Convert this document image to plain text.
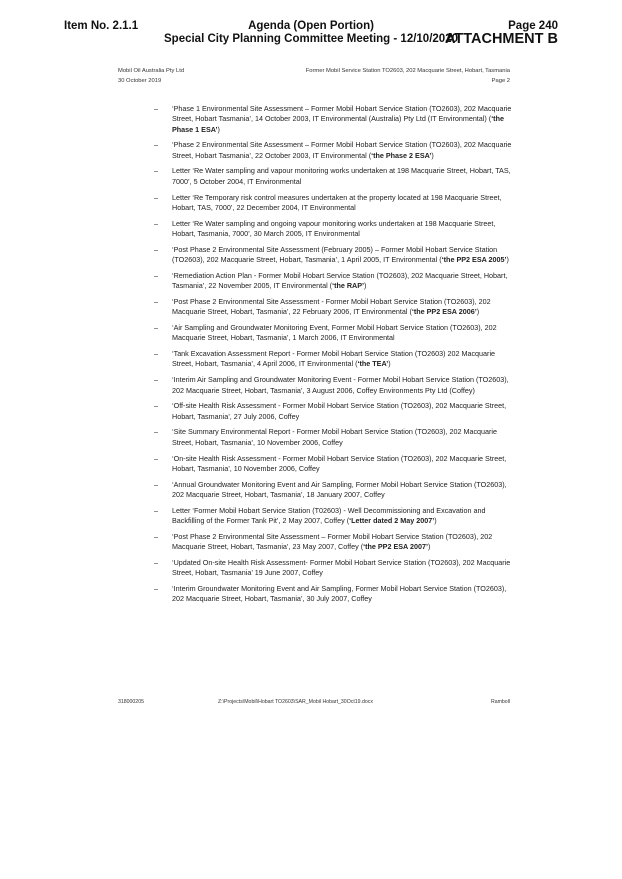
Item No. 2.1.1	Agenda (Open Portion)
Special City Planning Committee Meeting - 12/10/2020
Page 240
ATTACHMENT B
Mobil Oil Australia Pty Ltd
30 October 2019
Former Mobil Service Station TO2603, 202 Macquarie Street, Hobart, Tasmania
Page 2
– ‘Phase 1 Environmental Site Assessment – Former Mobil Hobart Service Station (TO2603), 202 Macquarie Street, Hobart Tasmania’, 14 October 2003, IT Environmental (Australia) Pty Ltd (IT Environmental) (‘the Phase 1 ESA’)
– ‘Phase 2 Environmental Site Assessment – Former Mobil Hobart Service Station (TO2603), 202 Macquarie Street, Hobart Tasmania’, 22 October 2003, IT Environmental (‘the Phase 2 ESA’)
– Letter ‘Re Water sampling and vapour monitoring works undertaken at 198 Macquarie Street, Hobart, TAS, 7000’, 5 October 2004, IT Environmental
– Letter ‘Re Temporary risk control measures undertaken at the property located at 198 Macquarie Street, Hobart, TAS, 7000’, 22 December 2004, IT Environmental
– Letter ‘Re Water sampling and ongoing vapour monitoring works undertaken at 198 Macquarie Street, Hobart, Tasmania, 7000’, 30 March 2005, IT Environmental
– ‘Post Phase 2 Environmental Site Assessment (February 2005) – Former Mobil Hobart Service Station (TO2603), 202 Macquarie Street, Hobart, Tasmania’, 1 April 2005, IT Environmental (‘the PP2 ESA 2005’)
– ‘Remediation Action Plan - Former Mobil Hobart Service Station (TO2603), 202 Macquarie Street, Hobart, Tasmania’, 22 November 2005, IT Environmental (‘the RAP’)
– ‘Post Phase 2 Environmental Site Assessment - Former Mobil Hobart Service Station (TO2603), 202 Macquarie Street, Hobart, Tasmania’, 22 February 2006, IT Environmental (‘the PP2 ESA 2006’)
– ‘Air Sampling and Groundwater Monitoring Event, Former Mobil Hobart Service Station (TO2603), 202 Macquarie Street, Hobart, Tasmania’, 1 March 2006, IT Environmental
– ‘Tank Excavation Assessment Report - Former Mobil Hobart Service Station (TO2603) 202 Macquarie Street, Hobart, Tasmania’, 4 April 2006, IT Environmental (‘the TEA’)
– ‘Interim Air Sampling and Groundwater Monitoring Event - Former Mobil Hobart Service Station (TO2603), 202 Macquarie Street, Hobart, Tasmania’, 3 August 2006, Coffey Environments Pty Ltd (Coffey)
– ‘Off-site Health Risk Assessment - Former Mobil Hobart Service Station (TO2603), 202 Macquarie Street, Hobart, Tasmania’, 27 July 2006, Coffey
– ‘Site Summary Environmental Report - Former Mobil Hobart Service Station (TO2603), 202 Macquarie Street, Hobart, Tasmania’, 10 November 2006, Coffey
– ‘On-site Health Risk Assessment - Former Mobil Hobart Service Station (TO2603), 202 Macquarie Street, Hobart, Tasmania’, 10 November 2006, Coffey
– ‘Annual Groundwater Monitoring Event and Air Sampling, Former Mobil Hobart Service Station (TO2603), 202 Macquarie Street, Hobart, Tasmania’, 18 January 2007, Coffey
– Letter ‘Former Mobil Hobart Service Station (T02603) - Well Decommissioning and Excavation and Backfilling of the Former Tank Pit’, 2 May 2007, Coffey (‘Letter dated 2 May 2007’)
– ‘Post Phase 2 Environmental Site Assessment – Former Mobil Hobart Service Station (TO2603), 202 Macquarie Street, Hobart, Tasmania’, 23 May 2007, Coffey (‘the PP2 ESA 2007’)
– ‘Updated On-site Health Risk Assessment- Former Mobil Hobart Service Station (TO2603), 202 Macquarie Street, Hobart, Tasmania’ 19 June 2007, Coffey
– ‘Interim Groundwater Monitoring Event and Air Sampling, Former Mobil Hobart Service Station (TO2603), 202 Macquarie Street, Hobart, Tasmania’, 30 July 2007, Coffey
318000205	Z:\Projects\Mobil\Hobart TO2603\SAR_Mobil Hobart_30Oct19.docx	Ramboll
